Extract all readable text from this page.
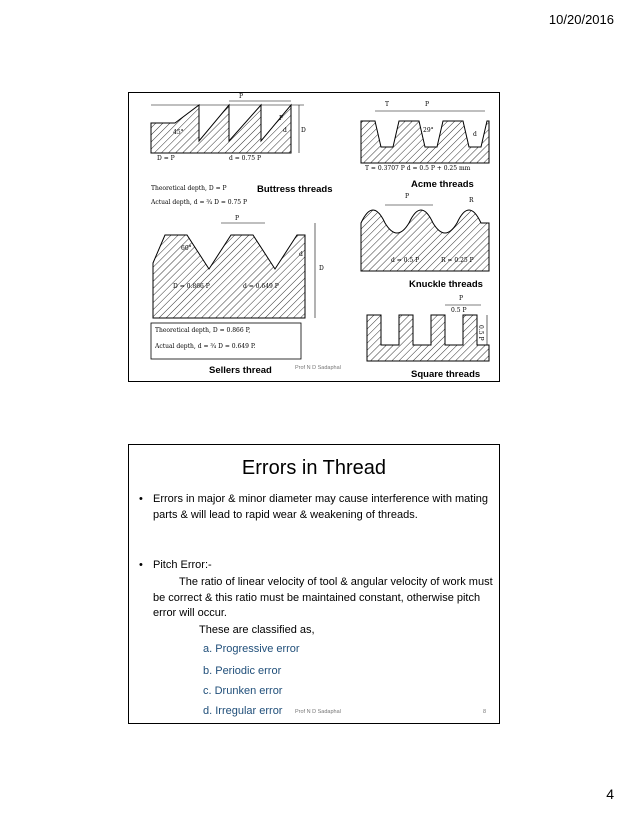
10/20/2016
45°
P
F
d D
D = P	d = 0.75 P
Theoretical depth, D = P
Actual depth, d = ¾ D = 0.75 P
T	P
29°
d
T = 0.3707 P d = 0.5 P + 0.25 mm
P
R
d = 0.5 P	R = 0.25 P
P
60°
d
D
D = 0.866 P	d = 0.649 P
Theoretical depth, D = 0.866 P,
Actual depth, d = ¾ D = 0.649 P.
P
0.5 P
0.5 P
Buttress threads	Acme threads
Knuckle threads
Sellers thread	Square threads
Prof N D Sadaphal
Errors in Thread
• Errors in major & minor diameter may cause interference with mating parts & will lead to rapid wear & weakening of threads.
• Pitch Error:-
The ratio of linear velocity of tool & angular velocity of work must be correct & this ratio must be maintained constant, otherwise pitch error will occur.
These are classified as,
a. Progressive error
b. Periodic error
c. Drunken error
d. Irregular error Prof N D Sadaphal	8
4
